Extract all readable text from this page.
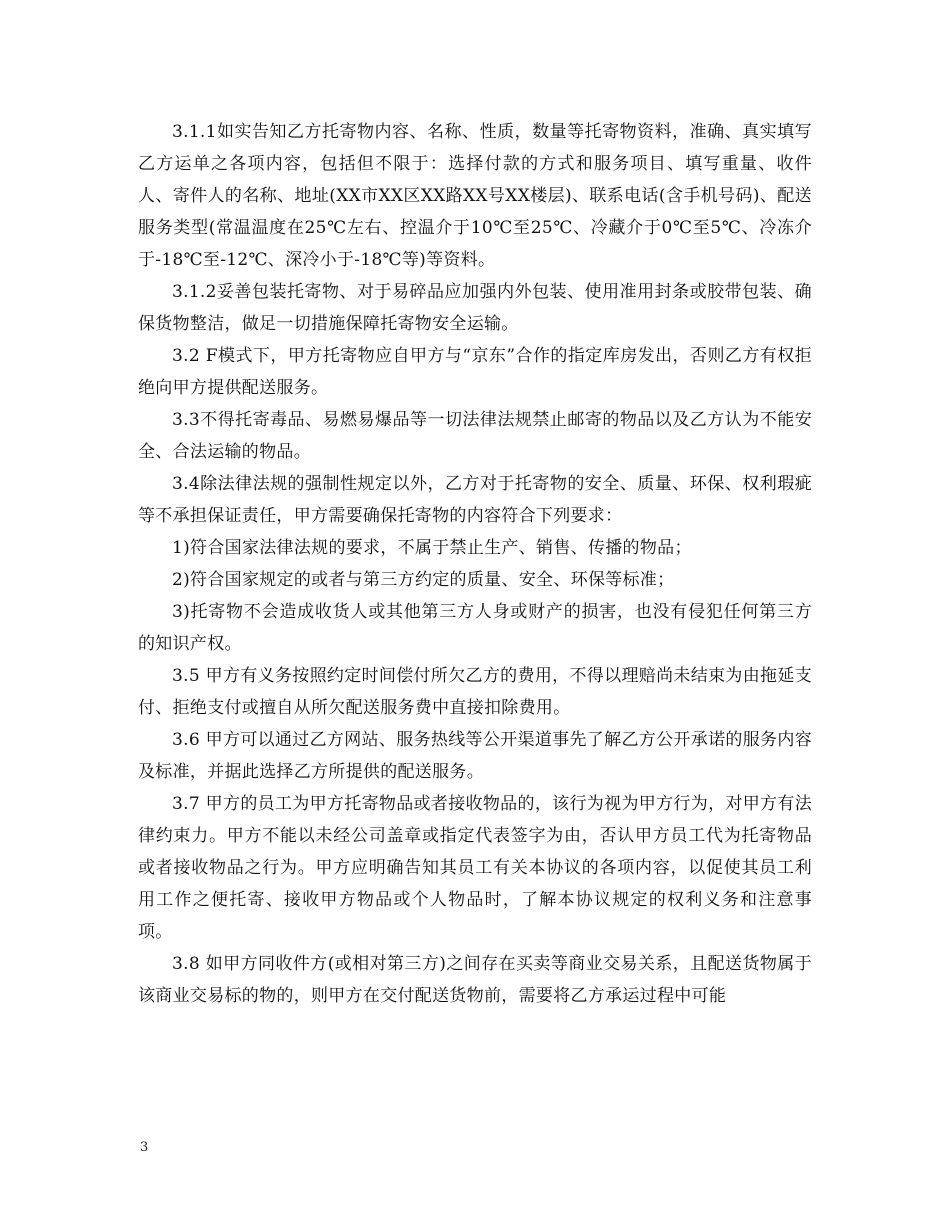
3.1.1如实告知乙方托寄物内容、名称、性质，数量等托寄物资料，准确、真实填写乙方运单之各项内容，包括但不限于：选择付款的方式和服务项目、填写重量、收件人、寄件人的名称、地址(XX市XX区XX路XX号XX楼层)、联系电话(含手机号码)、配送服务类型(常温温度在25℃左右、控温介于10℃至25℃、冷藏介于0℃至5℃、冷冻介于-18℃至-12℃、深冷小于-18℃等)等资料。

3.1.2妥善包装托寄物、对于易碎品应加强内外包装、使用准用封条或胶带包装、确保货物整洁，做足一切措施保障托寄物安全运输。

3.2 F模式下，甲方托寄物应自甲方与“京东”合作的指定库房发出，否则乙方有权拒绝向甲方提供配送服务。

3.3不得托寄毒品、易燃易爆品等一切法律法规禁止邮寄的物品以及乙方认为不能安全、合法运输的物品。

3.4除法律法规的强制性规定以外，乙方对于托寄物的安全、质量、环保、权利瑕疵等不承担保证责任，甲方需要确保托寄物的内容符合下列要求：

1)符合国家法律法规的要求，不属于禁止生产、销售、传播的物品；

2)符合国家规定的或者与第三方约定的质量、安全、环保等标准；

3)托寄物不会造成收货人或其他第三方人身或财产的损害，也没有侵犯任何第三方的知识产权。

3.5 甲方有义务按照约定时间偿付所欠乙方的费用，不得以理赔尚未结束为由拖延支付、拒绝支付或擅自从所欠配送服务费中直接扣除费用。

3.6 甲方可以通过乙方网站、服务热线等公开渠道事先了解乙方公开承诺的服务内容及标准，并据此选择乙方所提供的配送服务。

3.7 甲方的员工为甲方托寄物品或者接收物品的，该行为视为甲方行为，对甲方有法律约束力。甲方不能以未经公司盖章或指定代表签字为由，否认甲方员工代为托寄物品或者接收物品之行为。甲方应明确告知其员工有关本协议的各项内容，以促使其员工利用工作之便托寄、接收甲方物品或个人物品时，了解本协议规定的权利义务和注意事项。

3.8 如甲方同收件方(或相对第三方)之间存在买卖等商业交易关系，且配送货物属于该商业交易标的物的，则甲方在交付配送货物前，需要将乙方承运过程中可能

3
